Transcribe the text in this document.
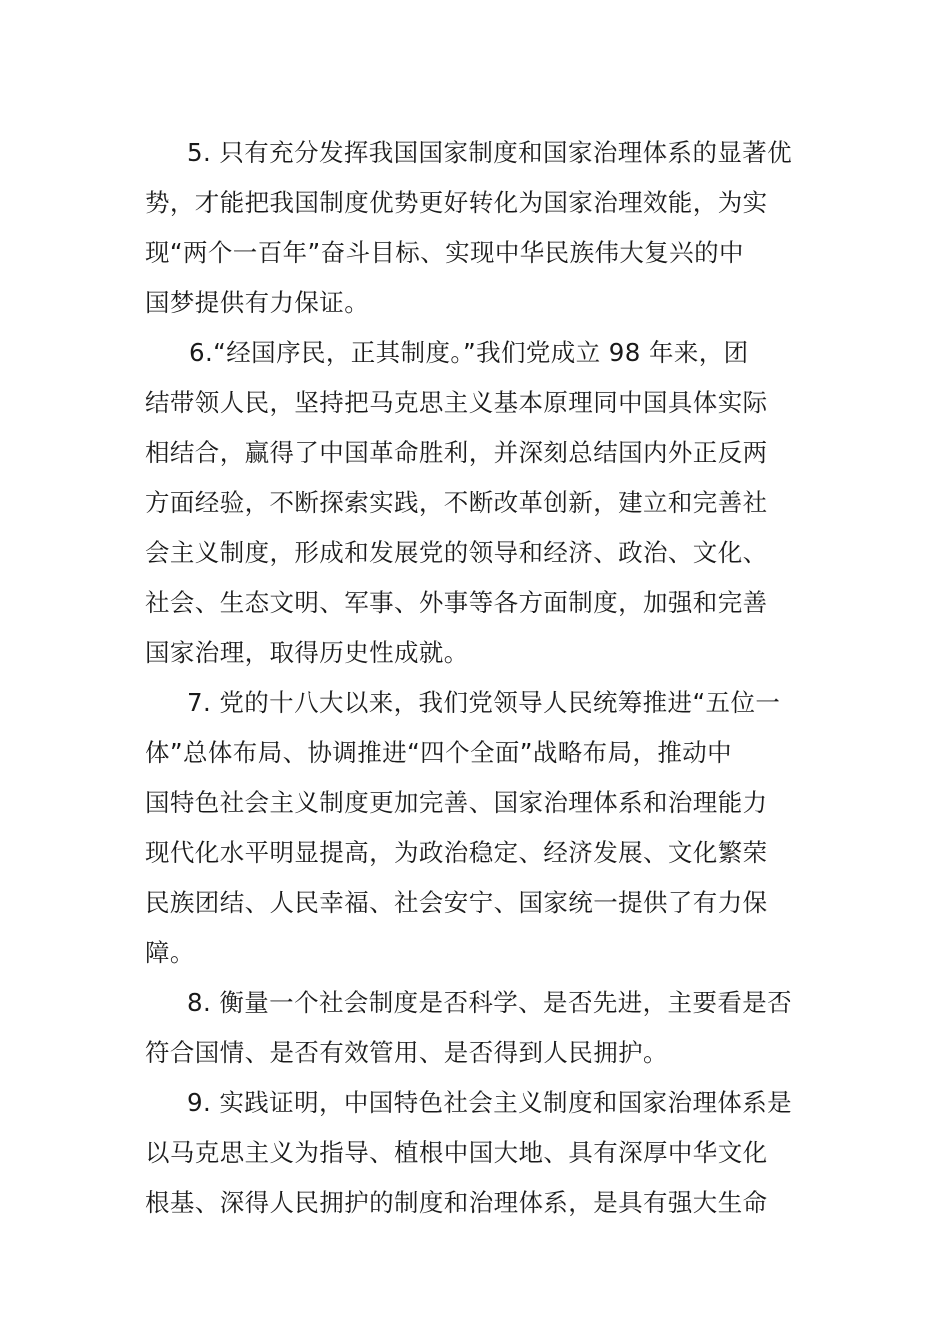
5. 只有充分发挥我国国家制度和国家治理体系的显著优
势，才能把我国制度优势更好转化为国家治理效能，为实
现“两个一百年”奋斗目标、实现中华民族伟大复兴的中
国梦提供有力保证。
6.“经国序民，正其制度。”我们党成立 98 年来，团
结带领人民，坚持把马克思主义基本原理同中国具体实际
相结合，赢得了中国革命胜利，并深刻总结国内外正反两
方面经验，不断探索实践，不断改革创新，建立和完善社
会主义制度，形成和发展党的领导和经济、政治、文化、
社会、生态文明、军事、外事等各方面制度，加强和完善
国家治理，取得历史性成就。
7. 党的十八大以来，我们党领导人民统筹推进“五位一
体”总体布局、协调推进“四个全面”战略布局，推动中
国特色社会主义制度更加完善、国家治理体系和治理能力
现代化水平明显提高，为政治稳定、经济发展、文化繁荣
民族团结、人民幸福、社会安宁、国家统一提供了有力保
障。
8. 衡量一个社会制度是否科学、是否先进，主要看是否
符合国情、是否有效管用、是否得到人民拥护。
9. 实践证明，中国特色社会主义制度和国家治理体系是
以马克思主义为指导、植根中国大地、具有深厚中华文化
根基、深得人民拥护的制度和治理体系，是具有强大生命
